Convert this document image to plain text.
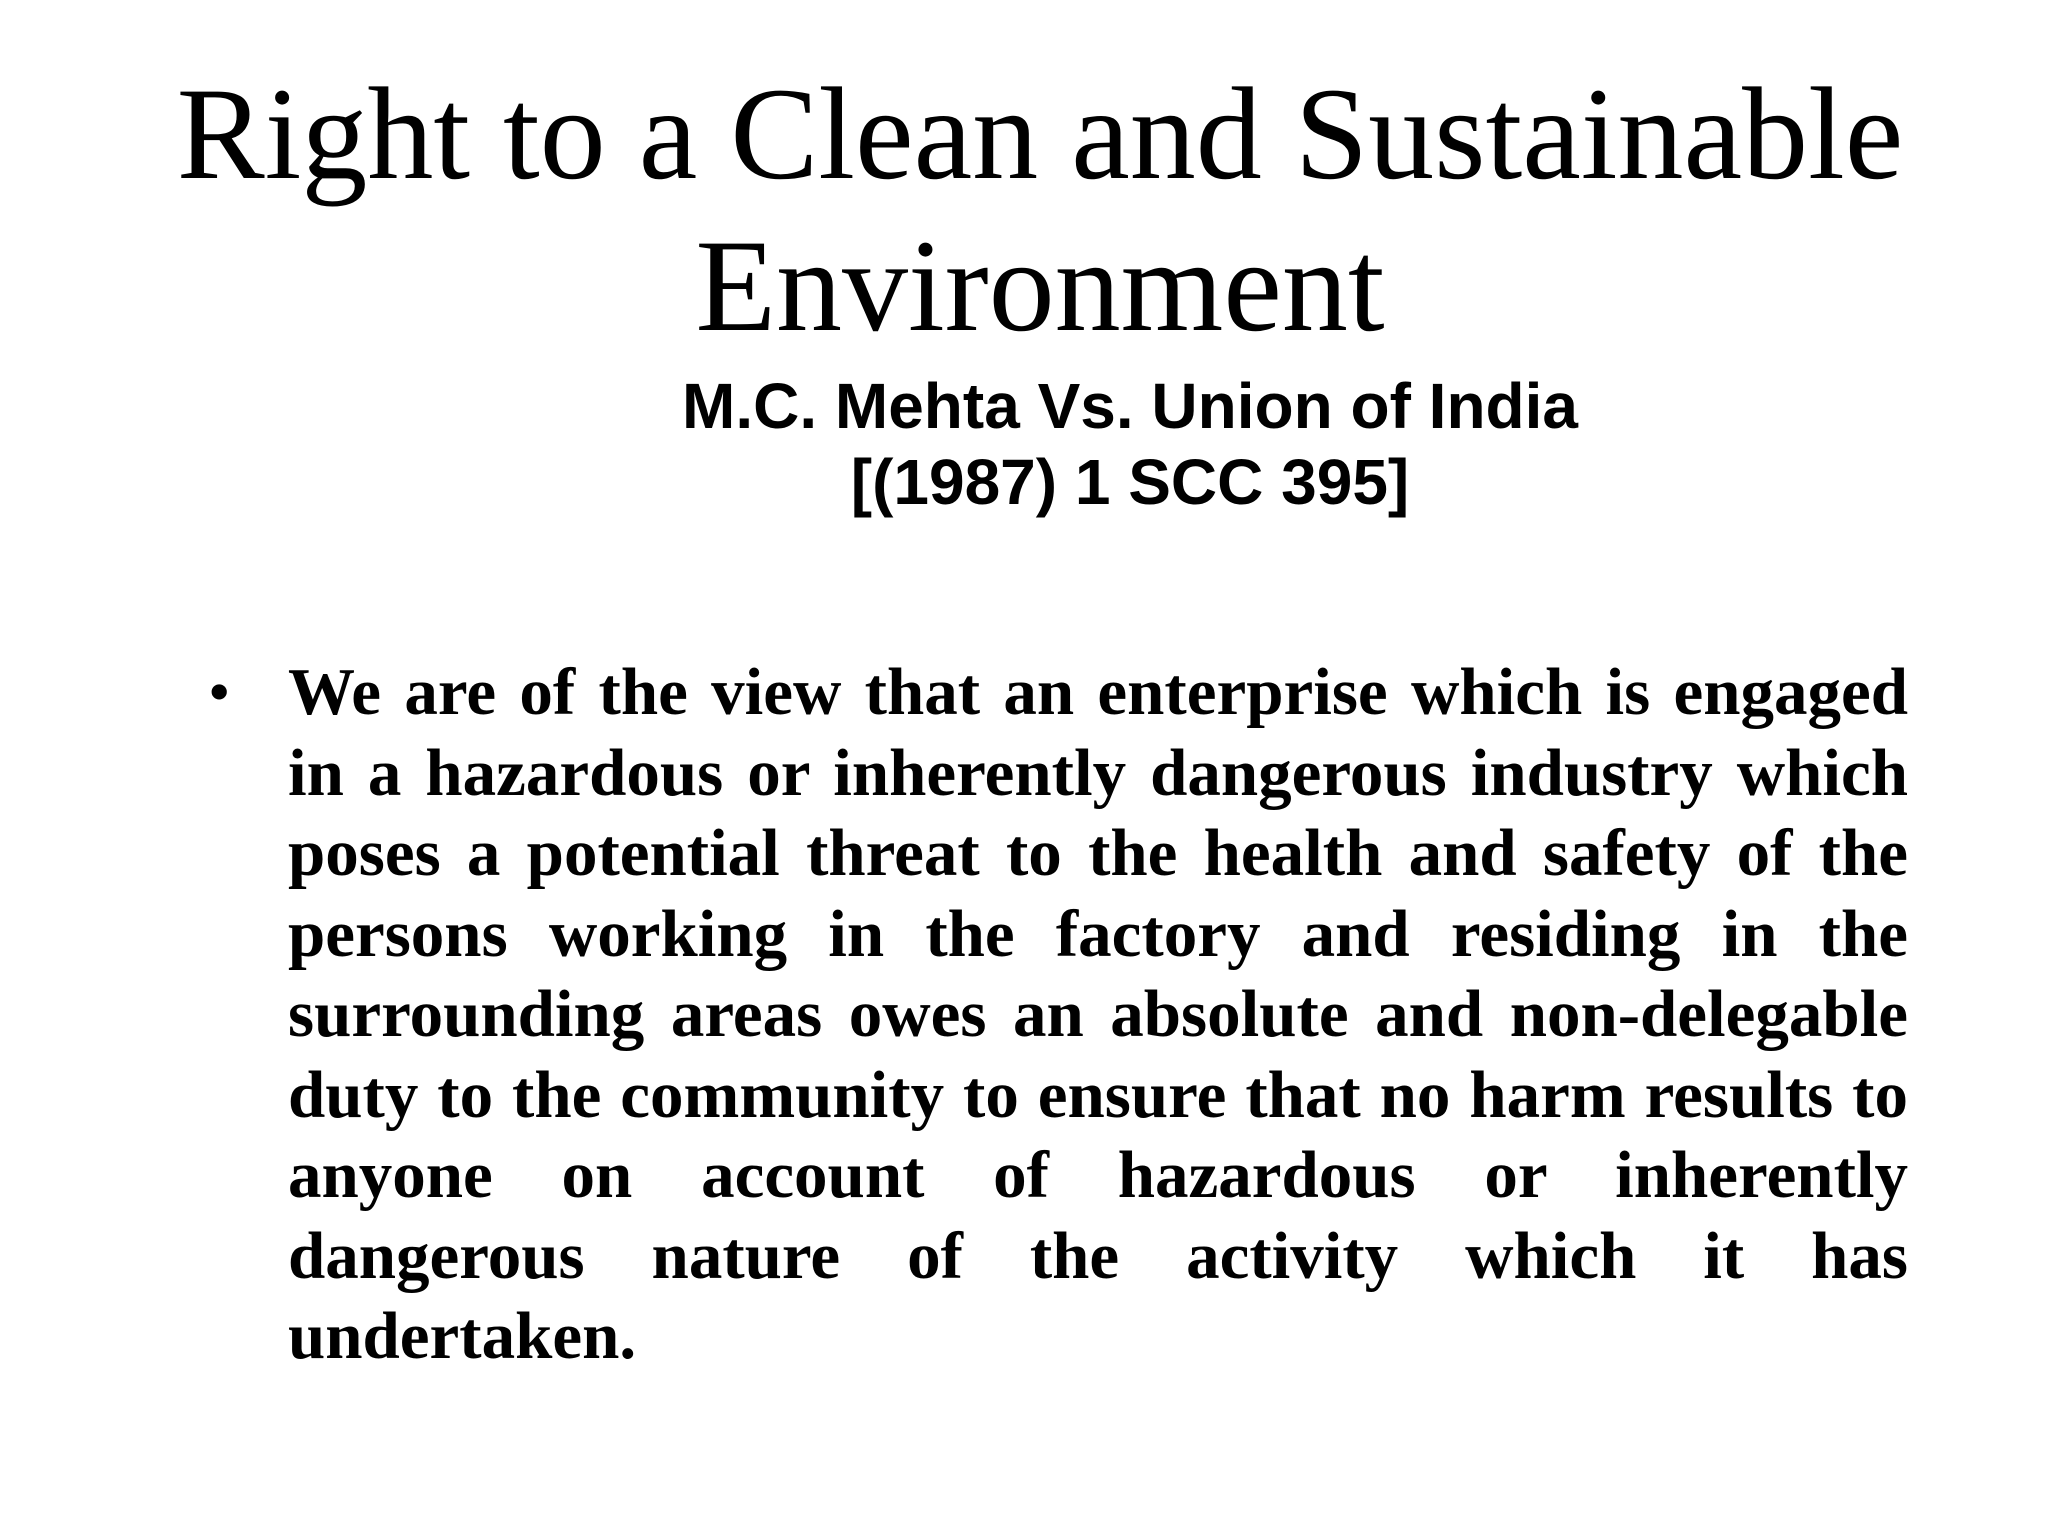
Right to a Clean and Sustainable Environment
M.C. Mehta Vs. Union of India
[(1987) 1 SCC 395]
• We are of the view that an enterprise which is engaged in a hazardous or inherently dangerous industry which poses a potential threat to the health and safety of the persons working in the factory and residing in the surrounding areas owes an absolute and non-delegable duty to the community to ensure that no harm results to anyone on account of hazardous or inherently dangerous nature of the activity which it has undertaken.
